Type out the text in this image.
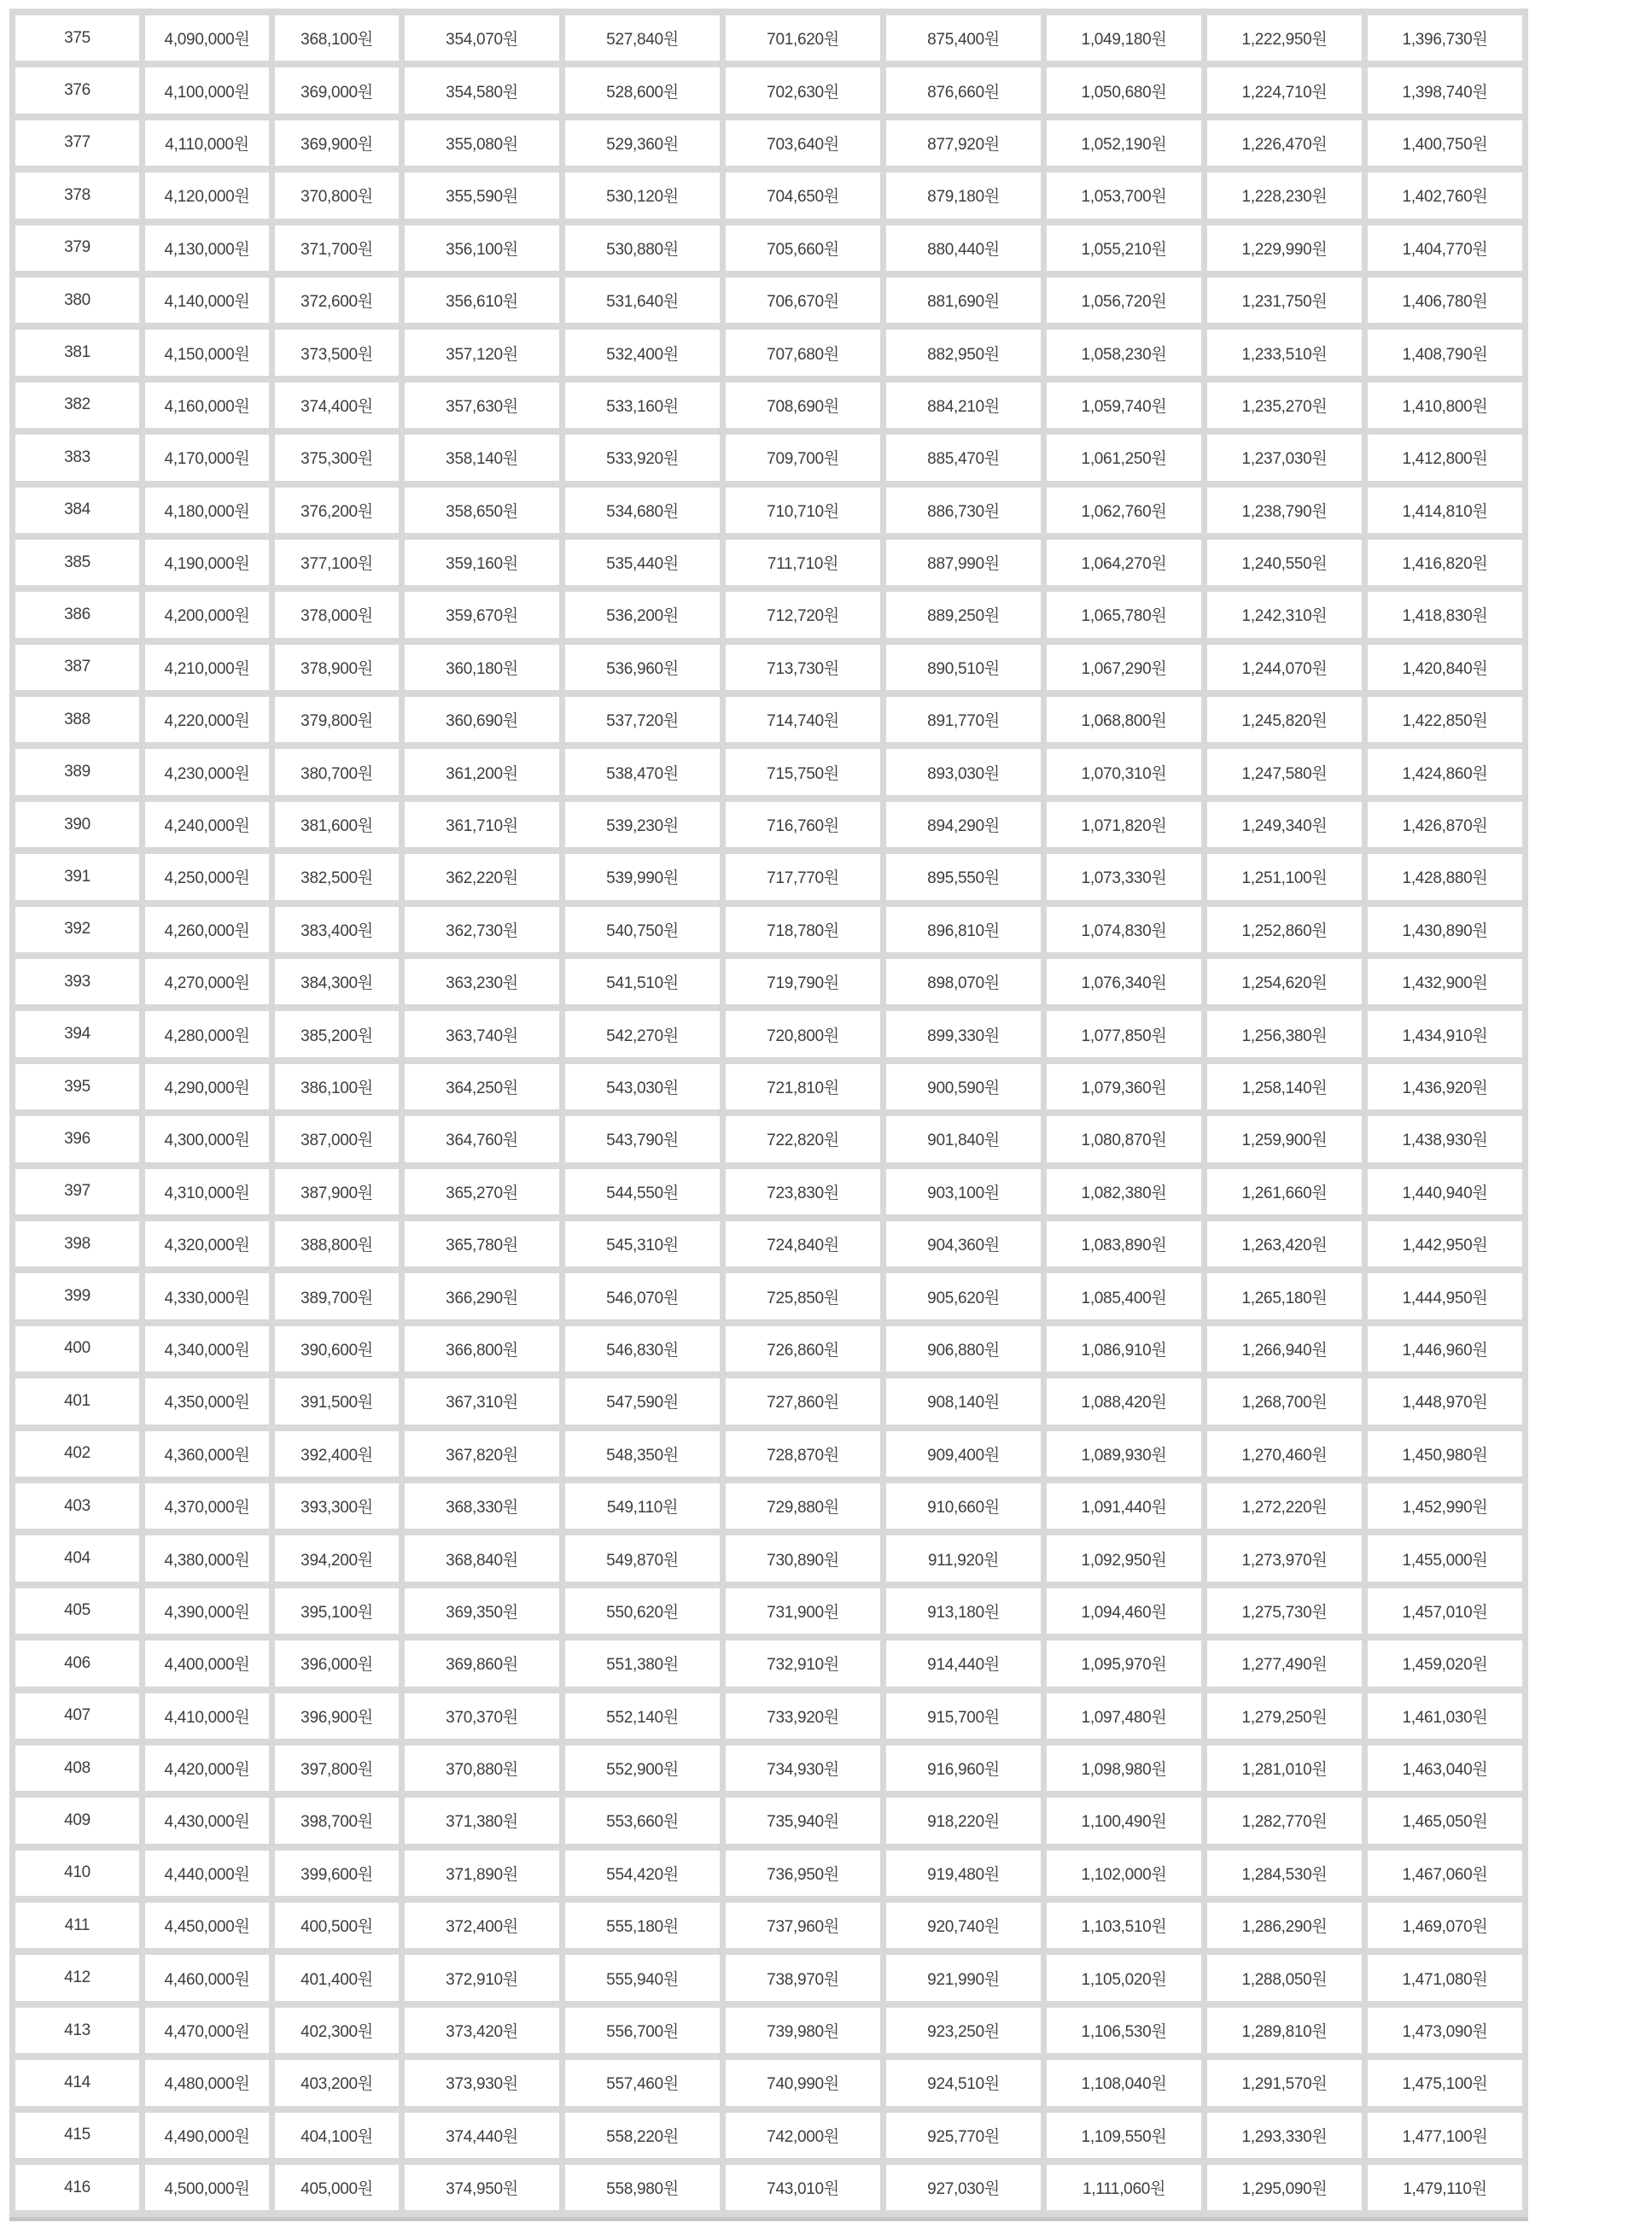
375	4,090,000원	368,100원	354,070원	527,840원	701,620원	875,400원	1,049,180원	1,222,950원	1,396,730원
376	4,100,000원	369,000원	354,580원	528,600원	702,630원	876,660원	1,050,680원	1,224,710원	1,398,740원
377	4,110,000원	369,900원	355,080원	529,360원	703,640원	877,920원	1,052,190원	1,226,470원	1,400,750원
378	4,120,000원	370,800원	355,590원	530,120원	704,650원	879,180원	1,053,700원	1,228,230원	1,402,760원
379	4,130,000원	371,700원	356,100원	530,880원	705,660원	880,440원	1,055,210원	1,229,990원	1,404,770원
380	4,140,000원	372,600원	356,610원	531,640원	706,670원	881,690원	1,056,720원	1,231,750원	1,406,780원
381	4,150,000원	373,500원	357,120원	532,400원	707,680원	882,950원	1,058,230원	1,233,510원	1,408,790원
382	4,160,000원	374,400원	357,630원	533,160원	708,690원	884,210원	1,059,740원	1,235,270원	1,410,800원
383	4,170,000원	375,300원	358,140원	533,920원	709,700원	885,470원	1,061,250원	1,237,030원	1,412,800원
384	4,180,000원	376,200원	358,650원	534,680원	710,710원	886,730원	1,062,760원	1,238,790원	1,414,810원
385	4,190,000원	377,100원	359,160원	535,440원	711,710원	887,990원	1,064,270원	1,240,550원	1,416,820원
386	4,200,000원	378,000원	359,670원	536,200원	712,720원	889,250원	1,065,780원	1,242,310원	1,418,830원
387	4,210,000원	378,900원	360,180원	536,960원	713,730원	890,510원	1,067,290원	1,244,070원	1,420,840원
388	4,220,000원	379,800원	360,690원	537,720원	714,740원	891,770원	1,068,800원	1,245,820원	1,422,850원
389	4,230,000원	380,700원	361,200원	538,470원	715,750원	893,030원	1,070,310원	1,247,580원	1,424,860원
390	4,240,000원	381,600원	361,710원	539,230원	716,760원	894,290원	1,071,820원	1,249,340원	1,426,870원
391	4,250,000원	382,500원	362,220원	539,990원	717,770원	895,550원	1,073,330원	1,251,100원	1,428,880원
392	4,260,000원	383,400원	362,730원	540,750원	718,780원	896,810원	1,074,830원	1,252,860원	1,430,890원
393	4,270,000원	384,300원	363,230원	541,510원	719,790원	898,070원	1,076,340원	1,254,620원	1,432,900원
394	4,280,000원	385,200원	363,740원	542,270원	720,800원	899,330원	1,077,850원	1,256,380원	1,434,910원
395	4,290,000원	386,100원	364,250원	543,030원	721,810원	900,590원	1,079,360원	1,258,140원	1,436,920원
396	4,300,000원	387,000원	364,760원	543,790원	722,820원	901,840원	1,080,870원	1,259,900원	1,438,930원
397	4,310,000원	387,900원	365,270원	544,550원	723,830원	903,100원	1,082,380원	1,261,660원	1,440,940원
398	4,320,000원	388,800원	365,780원	545,310원	724,840원	904,360원	1,083,890원	1,263,420원	1,442,950원
399	4,330,000원	389,700원	366,290원	546,070원	725,850원	905,620원	1,085,400원	1,265,180원	1,444,950원
400	4,340,000원	390,600원	366,800원	546,830원	726,860원	906,880원	1,086,910원	1,266,940원	1,446,960원
401	4,350,000원	391,500원	367,310원	547,590원	727,860원	908,140원	1,088,420원	1,268,700원	1,448,970원
402	4,360,000원	392,400원	367,820원	548,350원	728,870원	909,400원	1,089,930원	1,270,460원	1,450,980원
403	4,370,000원	393,300원	368,330원	549,110원	729,880원	910,660원	1,091,440원	1,272,220원	1,452,990원
404	4,380,000원	394,200원	368,840원	549,870원	730,890원	911,920원	1,092,950원	1,273,970원	1,455,000원
405	4,390,000원	395,100원	369,350원	550,620원	731,900원	913,180원	1,094,460원	1,275,730원	1,457,010원
406	4,400,000원	396,000원	369,860원	551,380원	732,910원	914,440원	1,095,970원	1,277,490원	1,459,020원
407	4,410,000원	396,900원	370,370원	552,140원	733,920원	915,700원	1,097,480원	1,279,250원	1,461,030원
408	4,420,000원	397,800원	370,880원	552,900원	734,930원	916,960원	1,098,980원	1,281,010원	1,463,040원
409	4,430,000원	398,700원	371,380원	553,660원	735,940원	918,220원	1,100,490원	1,282,770원	1,465,050원
410	4,440,000원	399,600원	371,890원	554,420원	736,950원	919,480원	1,102,000원	1,284,530원	1,467,060원
411	4,450,000원	400,500원	372,400원	555,180원	737,960원	920,740원	1,103,510원	1,286,290원	1,469,070원
412	4,460,000원	401,400원	372,910원	555,940원	738,970원	921,990원	1,105,020원	1,288,050원	1,471,080원
413	4,470,000원	402,300원	373,420원	556,700원	739,980원	923,250원	1,106,530원	1,289,810원	1,473,090원
414	4,480,000원	403,200원	373,930원	557,460원	740,990원	924,510원	1,108,040원	1,291,570원	1,475,100원
415	4,490,000원	404,100원	374,440원	558,220원	742,000원	925,770원	1,109,550원	1,293,330원	1,477,100원
416	4,500,000원	405,000원	374,950원	558,980원	743,010원	927,030원	1,111,060원	1,295,090원	1,479,110원
